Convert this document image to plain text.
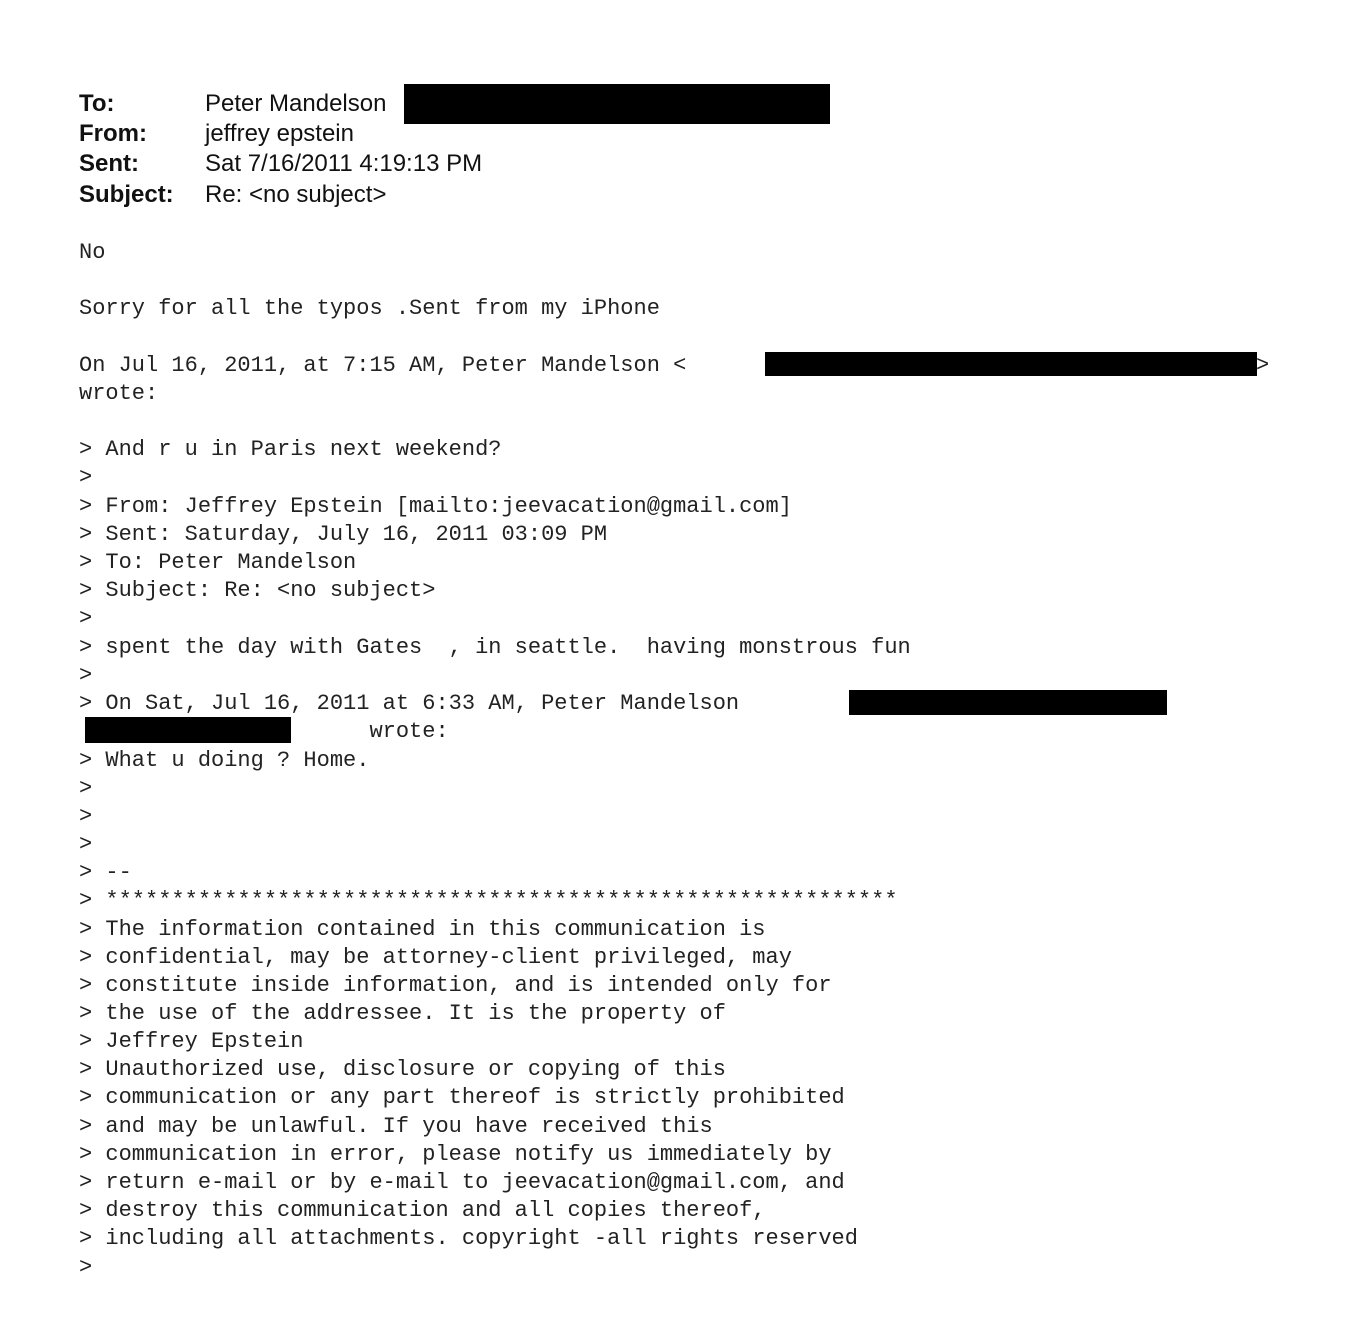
To:	Peter Mandelson
From: jeffrey epstein
Sent:	Sat 7/16/2011 4:19:13 PM
Subject: Re: <no subject>
No
Sorry for all the typos .Sent from my iPhone
On Jul 16, 2011, at 7:15 AM, Peter Mandelson <	>
wrote:
> And r u in Paris next weekend?
>
> From: Jeffrey Epstein [mailto:jeevacation@gmail.com]
> Sent: Saturday, July 16, 2011 03:09 PM
> To: Peter Mandelson
> Subject: Re: <no subject>
>
> spent the day with Gates  , in seattle.  having monstrous fun
>
> On Sat, Jul 16, 2011 at 6:33 AM, Peter Mandelson
wrote:
> What u doing ? Home.
>
>
>
> --
> ************************************************************
> The information contained in this communication is
> confidential, may be attorney-client privileged, may
> constitute inside information, and is intended only for
> the use of the addressee. It is the property of
> Jeffrey Epstein
> Unauthorized use, disclosure or copying of this
> communication or any part thereof is strictly prohibited
> and may be unlawful. If you have received this
> communication in error, please notify us immediately by
> return e-mail or by e-mail to jeevacation@gmail.com, and
> destroy this communication and all copies thereof,
> including all attachments. copyright -all rights reserved
>
